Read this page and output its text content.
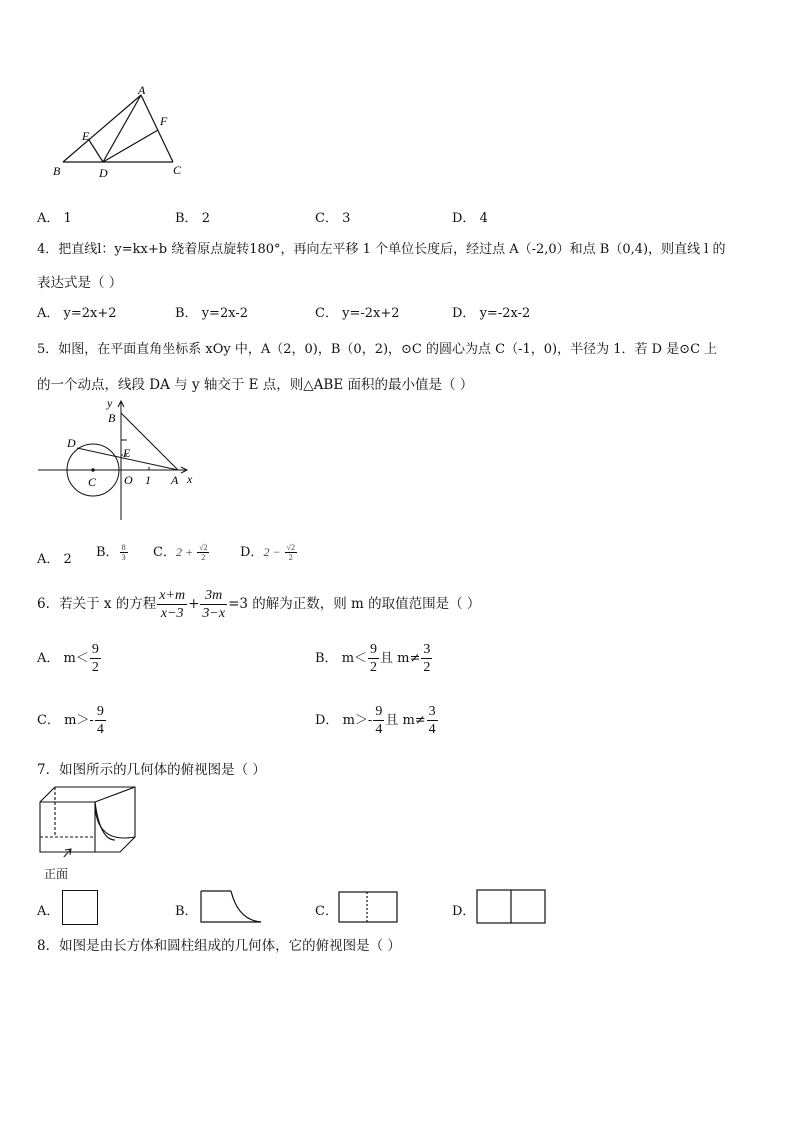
A
E
F
B	D	C
A． 1	B． 2	C． 3	D． 4
4．把直线l：y=kx+b 绕着原点旋转180°，再向左平移 1 个单位长度后，经过点 A（-2,0）和点 B（0,4)，则直线 l 的
表达式是（ ）
A． y=2x+2	B． y=2x-2	C． y=-2x+2	D． y=-2x-2
5．如图，在平面直角坐标系 xOy 中，A（2，0)，B（0，2)，⊙C 的圆心为点 C（-1，0)，半径为 1．若 D 是⊙C 上
的一个动点，线段 DA 与 y 轴交于 E 点，则△ABE 面积的最小值是（ ）
y
B
D
E
C O 1 A x
A． 2 B． $\frac{8}{3}$ C．$2 + \frac{√2}{2}$ D．$2 - \frac{√2}{2}$
6．若关于 x 的方程 $\frac{x+m}{x-3} + \frac{3m}{3-x} =3$ 的解为正数，则 m 的取值范围是（ ）
A． $m< \frac{9}{2}$	B． $m< \frac{9}{2}$ 且 $m\ne \frac{3}{2}$
C． $m>- \frac{9}{4}$	D． $m>- \frac{9}{4}$ 且 $m\ne \frac{3}{4}$
7．如图所示的几何体的俯视图是（ ）
正面
A．	B．	C．	D．
8．如图是由长方体和圆柱组成的几何体，它的俯视图是（ ）
